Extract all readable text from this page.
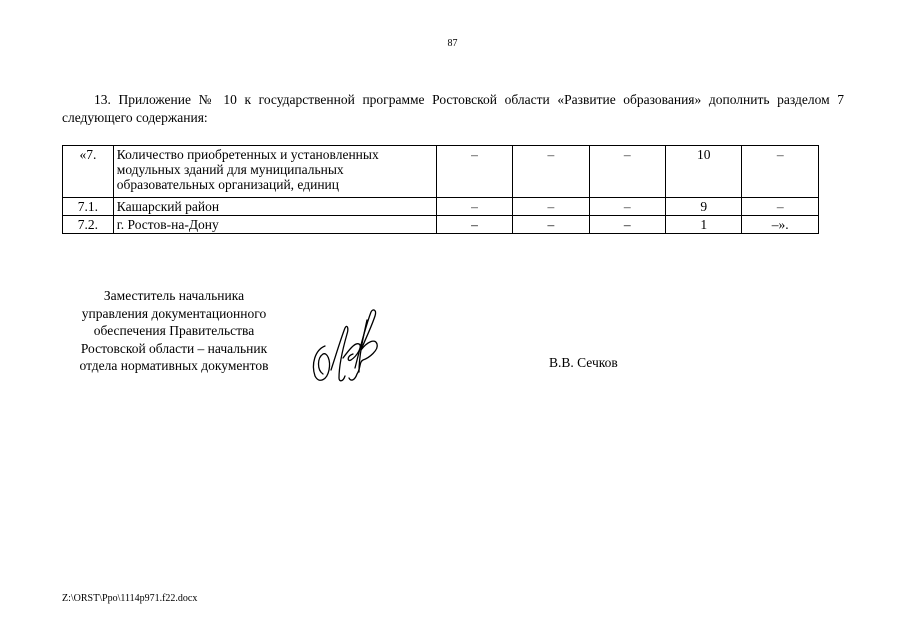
87
13. Приложение № 10 к государственной программе Ростовской области «Развитие образования» дополнить разделом 7 следующего содержания:
«7.	Количество приобретенных и установленных модульных зданий для муниципальных образовательных организаций, единиц	–	–	–	10	–
7.1.	Кашарский район	–	–	–	9	–
7.2.	г. Ростов-на-Дону	–	–	–	1	–».
Заместитель начальника
управления документационного
обеспечения Правительства
Ростовской области – начальник
отдела нормативных документов	В.В. Сечков
Z:\ORST\Ppo\1114p971.f22.docx
